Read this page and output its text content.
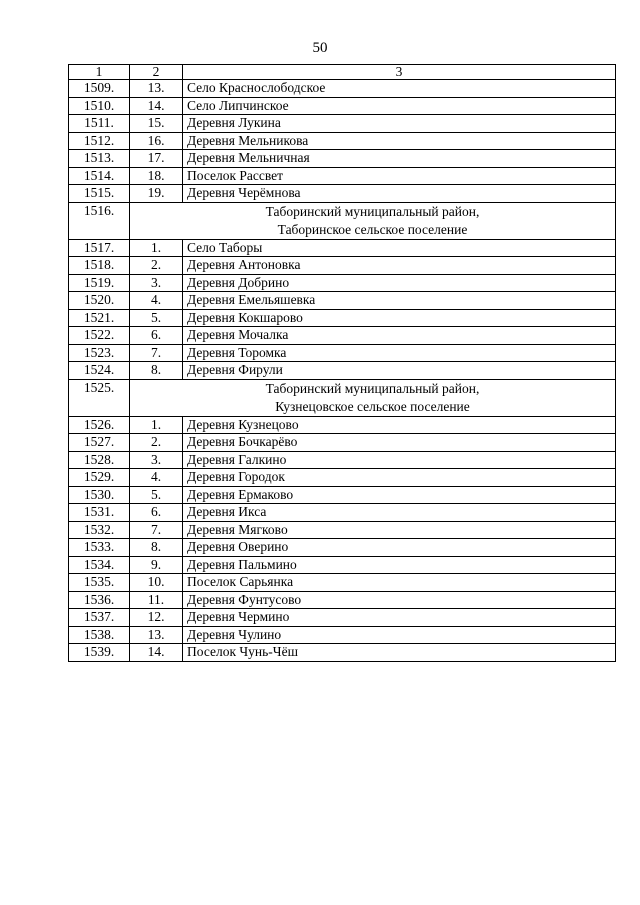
50
1	2	3
1509.	13.	Село Краснослободское
1510.	14.	Село Липчинское
1511.	15.	Деревня Лукина
1512.	16.	Деревня Мельникова
1513.	17.	Деревня Мельничная
1514.	18.	Поселок Рассвет
1515.	19.	Деревня Черёмнова
1516.	Таборинский муниципальный район,
Таборинское сельское поселение	

1517.	1.	Село Таборы
1518.	2.	Деревня Антоновка
1519.	3.	Деревня Добрино
1520.	4.	Деревня Емельяшевка
1521.	5.	Деревня Кокшарово
1522.	6.	Деревня Мочалка
1523.	7.	Деревня Торомка
1524.	8.	Деревня Фирули
1525.	Таборинский муниципальный район,
Кузнецовское сельское поселение	

1526.	1.	Деревня Кузнецово
1527.	2.	Деревня Бочкарёво
1528.	3.	Деревня Галкино
1529.	4.	Деревня Городок
1530.	5.	Деревня Ермаково
1531.	6.	Деревня Икса
1532.	7.	Деревня Мягково
1533.	8.	Деревня Оверино
1534.	9.	Деревня Пальмино
1535.	10.	Поселок Сарьянка
1536.	11.	Деревня Фунтусово
1537.	12.	Деревня Чермино
1538.	13.	Деревня Чулино
1539.	14.	Поселок Чунь-Чёш
